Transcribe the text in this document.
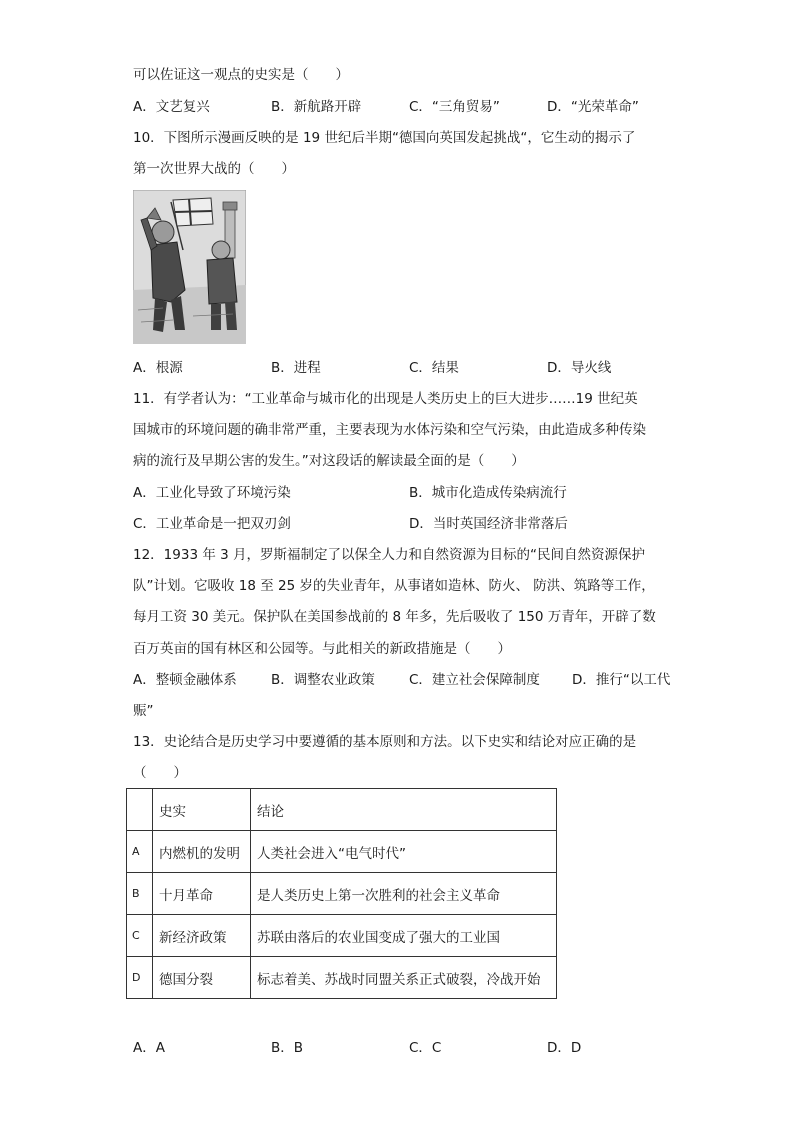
可以佐证这一观点的史实是（　　）
A．文艺复兴	B．新航路开辟	C．“三角贸易”	D．“光荣革命”
10．下图所示漫画反映的是 19 世纪后半期“德国向英国发起挑战“，它生动的揭示了
第一次世界大战的（　　）
A．根源	B．进程	C．结果	D．导火线
11．有学者认为：“工业革命与城市化的出现是人类历史上的巨大进步……19 世纪英
国城市的环境问题的确非常严重，主要表现为水体污染和空气污染，由此造成多种传染
病的流行及早期公害的发生。”对这段话的解读最全面的是（　　）
A．工业化导致了环境污染	B．城市化造成传染病流行
C．工业革命是一把双刃剑	D．当时英国经济非常落后
12．1933 年 3 月，罗斯福制定了以保全人力和自然资源为目标的“民间自然资源保护
队”计划。它吸收 18 至 25 岁的失业青年，从事诸如造林、防火、 防洪、筑路等工作，
每月工资 30 美元。保护队在美国参战前的 8 年多，先后吸收了 150 万青年，开辟了数
百万英亩的国有林区和公园等。与此相关的新政措施是（　　）
A．整顿金融体系	B．调整农业政策	C．建立社会保障制度 D．推行“以工代
赈”
13．史论结合是历史学习中要遵循的基本原则和方法。以下史实和结论对应正确的是
（　　）
	史实	结论
A	内燃机的发明	人类社会进入“电气时代”
B	十月革命	是人类历史上第一次胜利的社会主义革命
C	新经济政策	苏联由落后的农业国变成了强大的工业国
D	德国分裂	标志着美、苏战时同盟关系正式破裂，冷战开始
A．A	B．B	C．C	D．D
